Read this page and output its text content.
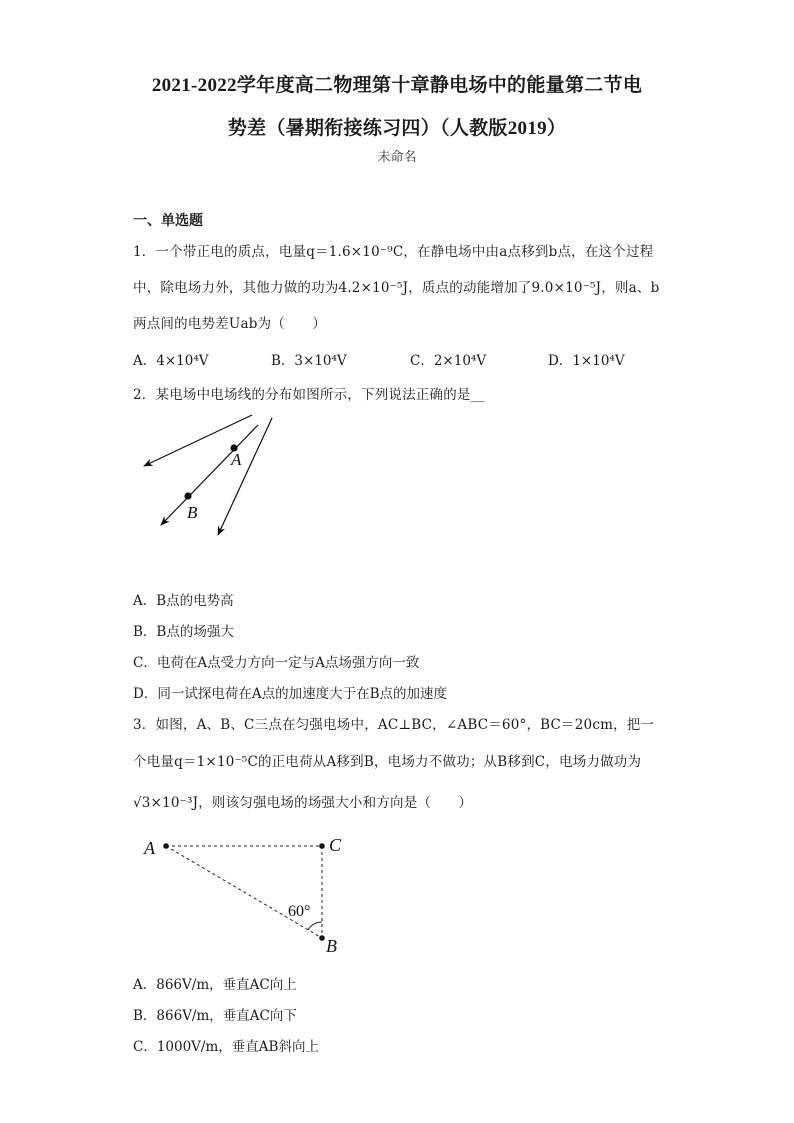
2021-2022学年度高二物理第十章静电场中的能量第二节电
势差（暑期衔接练习四）（人教版2019）
未命名
一、单选题
1．一个带正电的质点，电量q＝1.6×10⁻⁹C，在静电场中由a点移到b点，在这个过程
中，除电场力外，其他力做的功为4.2×10⁻⁵J，质点的动能增加了9.0×10⁻⁵J，则a、b
两点间的电势差Uab为（　　）
A．4×10⁴V	B．3×10⁴V	C．2×10⁴V	D．1×10⁴V
2．某电场中电场线的分布如图所示，下列说法正确的是__
A
B
A．B点的电势高
B．B点的场强大
C．电荷在A点受力方向一定与A点场强方向一致
D．同一试探电荷在A点的加速度大于在B点的加速度
3．如图，A、B、C三点在匀强电场中，AC⊥BC，∠ABC＝60°，BC＝20cm，把一
个电量q＝1×10⁻⁵C的正电荷从A移到B，电场力不做功；从B移到C，电场力做功为
√3×10⁻³J，则该匀强电场的场强大小和方向是（　　）
A	C
B
60°
A．866V/m，垂直AC向上
B．866V/m，垂直AC向下
C．1000V/m，垂直AB斜向上
